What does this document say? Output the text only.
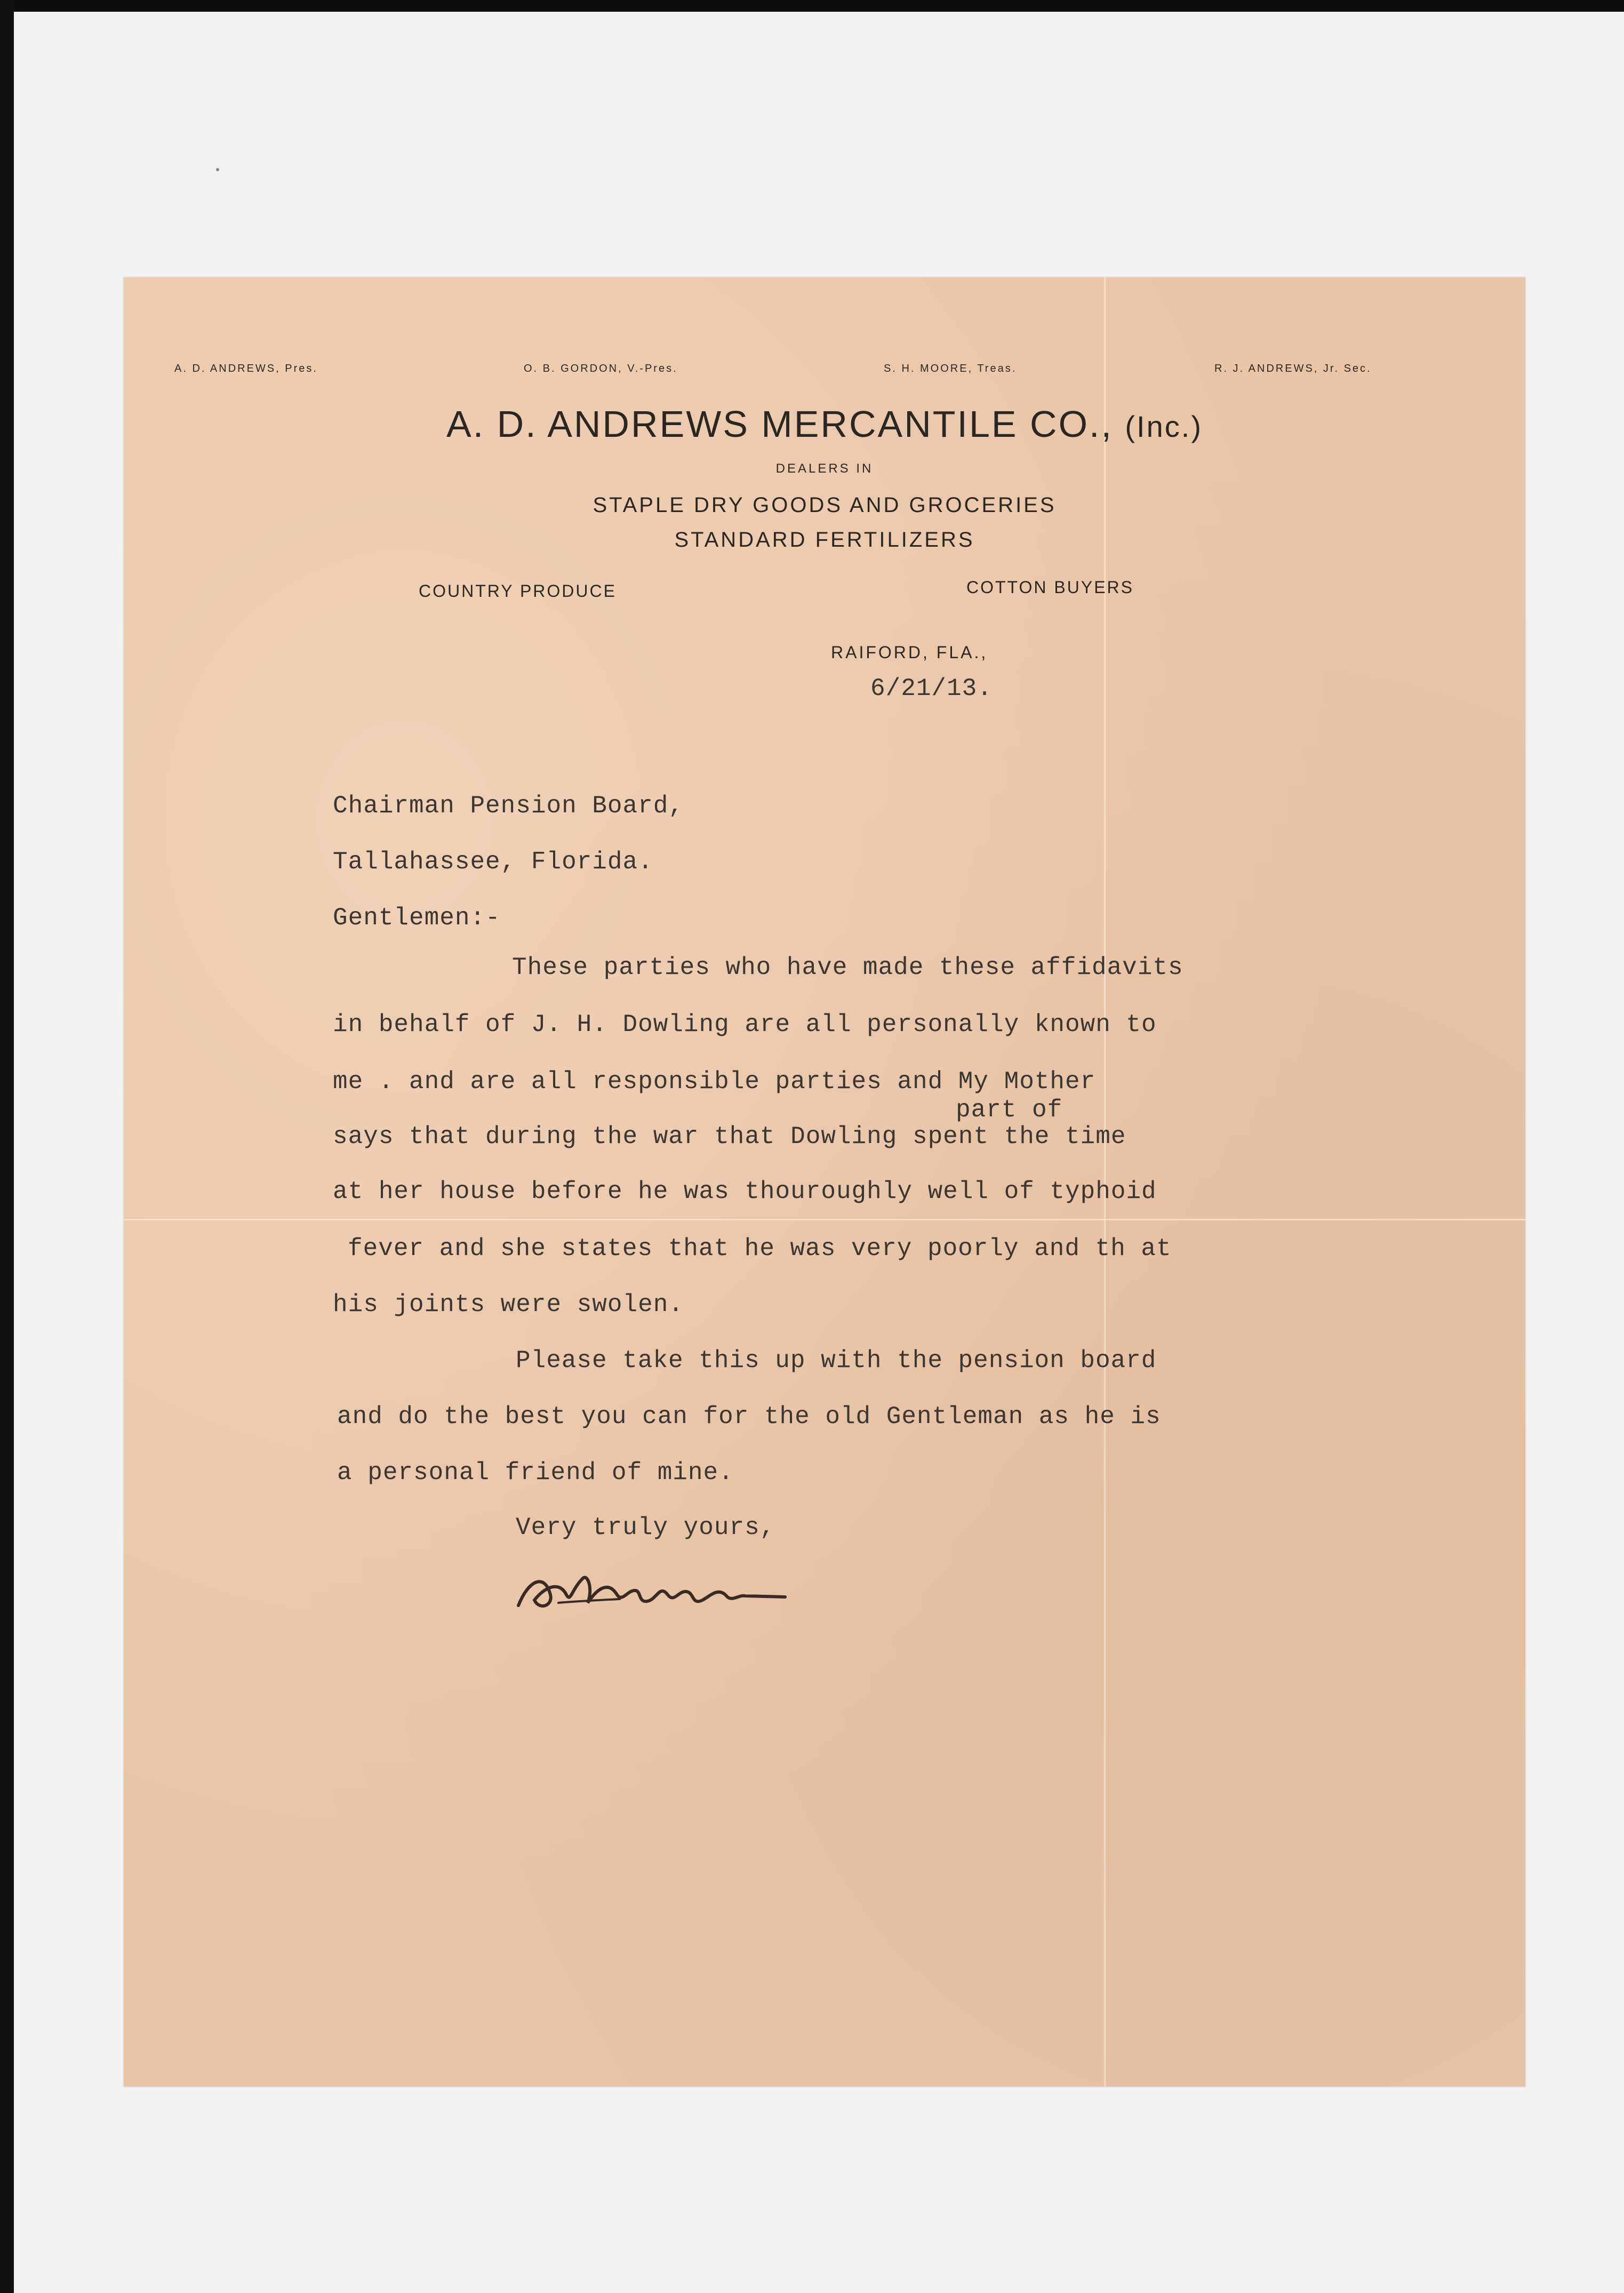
A. D. ANDREWS, Pres.	O. B. GORDON, V.-Pres.	S. H. MOORE, Treas.	R. J. ANDREWS, Jr. Sec.
A. D. ANDREWS MERCANTILE CO., (Inc.)
DEALERS IN
STAPLE DRY GOODS AND GROCERIES
STANDARD FERTILIZERS
COUNTRY PRODUCE	COTTON BUYERS
RAIFORD, FLA.,
6/21/13.
Chairman Pension Board,
Tallahassee, Florida.
Gentlemen:-
These parties who have made these affidavits
in behalf of J. H. Dowling are all personally known to
me . and are all responsible parties and My Mother
part of
says that during the war that Dowling spent the time
at her house before he was thouroughly well of typhoid
fever and she states that he was very poorly and th at
his joints were swolen.
Please take this up with the pension board
and do the best you can for the old Gentleman as he is
a personal friend of mine.
Very truly yours,
